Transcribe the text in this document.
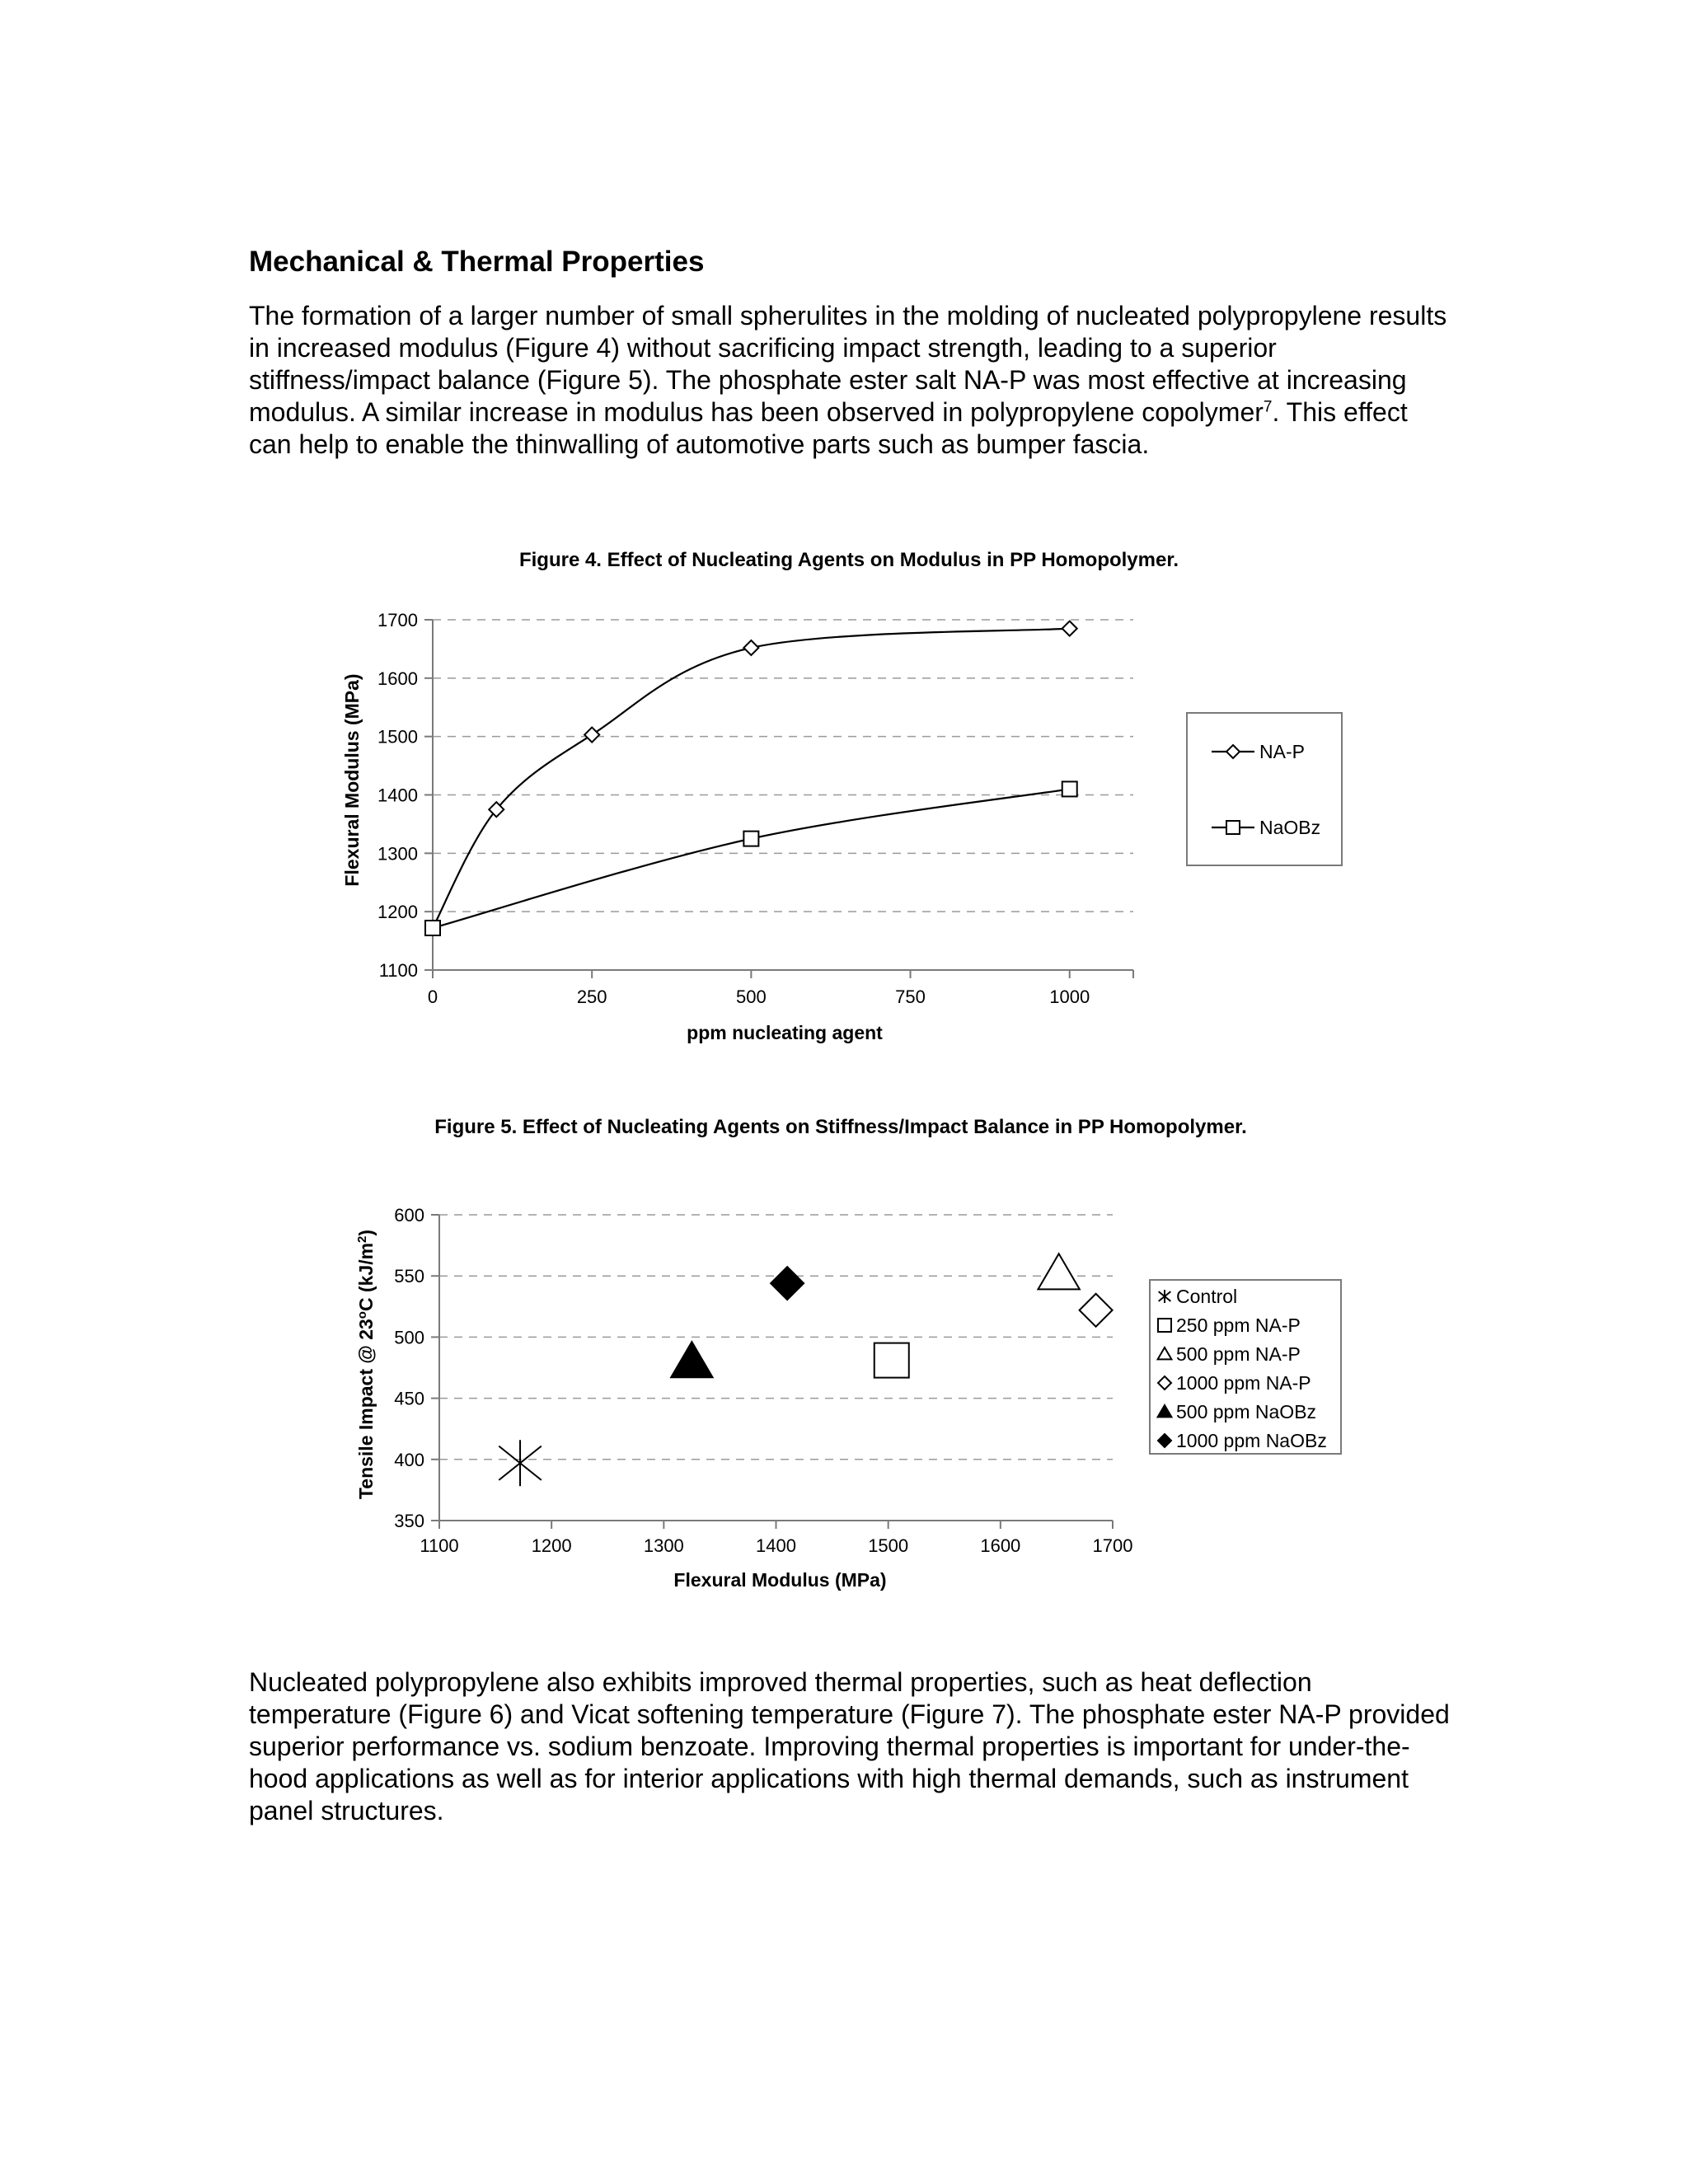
Mechanical & Thermal Properties

The formation of a larger number of small spherulites in the molding of nucleated polypropylene results in increased modulus (Figure 4) without sacrificing impact strength, leading to a superior stiffness/impact balance (Figure 5). The phosphate ester salt NA-P was most effective at increasing modulus. A similar increase in modulus has been observed in polypropylene copolymer$^7$. This effect can help to enable the thinwalling of automotive parts such as bumper fascia.

Figure 4. Effect of Nucleating Agents on Modulus in PP Homopolymer.
1100
1200
1300
1400
1500
1600
1700
0	250	500	750	1000
ppm nucleating agent
Flexural Modulus (MPa)	NA-P
NaOBz
Figure 5. Effect of Nucleating Agents on Stiffness/Impact Balance in PP Homopolymer.
350
400
450
500
550
600
1100	1200	1300	1400	1500	1600	1700
Flexural Modulus (MPa)
Tensile Impact @ 23$^o$C $(kJ/m^2)$
Control
250 ppm NA-P
500 ppm NA-P
1000 ppm NA-P
500 ppm NaOBz
1000 ppm NaOBz

Nucleated polypropylene also exhibits improved thermal properties, such as heat deflection temperature (Figure 6) and Vicat softening temperature (Figure 7). The phosphate ester NA-P provided superior performance vs. sodium benzoate. Improving thermal properties is important for under-the-hood applications as well as for interior applications with high thermal demands, such as instrument panel structures.
